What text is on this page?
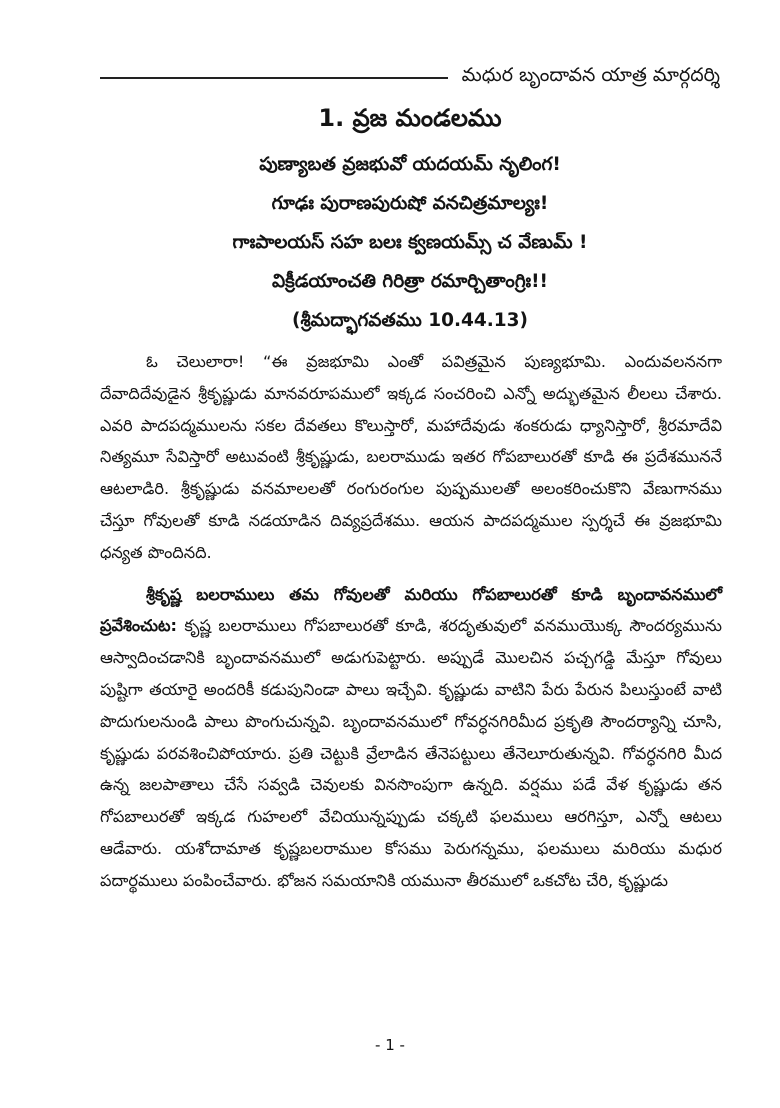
మధుర బృందావన యాత్ర మార్గదర్శి
1. వ్రజ మండలము
పుణ్యాబత వ్రజభువో యదయమ్ నృలింగ!
గూఢః పురాణపురుషో వనచిత్రమాల్యః!
గాఃపాలయస్ సహ బలః క్వణయమ్స్ చ వేణుమ్ !
విక్రీడయాంచతి గిరిత్రా రమార్చితాంగ్రిః!!
(శ్రీమద్భాగవతము 10.44.13)

ఓ చెలులారా! “ఈ వ్రజభూమి ఎంతో పవిత్రమైన పుణ్యభూమి. ఎందువలననగా దేవాదిదేవుడైన శ్రీకృష్ణుడు మానవరూపములో ఇక్కడ సంచరించి ఎన్నో అద్భుతమైన లీలలు చేశారు. ఎవరి పాదపద్మములను సకల దేవతలు కొలుస్తారో, మహాదేవుడు శంకరుడు ధ్యానిస్తారో, శ్రీరమాదేవి నిత్యమూ సేవిస్తారో అటువంటి శ్రీకృష్ణుడు, బలరాముడు ఇతర గోపబాలురతో కూడి ఈ ప్రదేశముననే ఆటలాడిరి. శ్రీకృష్ణుడు వనమాలలతో రంగురంగుల పుష్పములతో అలంకరించుకొని వేణుగానము చేస్తూ గోవులతో కూడి నడయాడిన దివ్యప్రదేశము. ఆయన పాదపద్మముల స్పర్శచే ఈ వ్రజభూమి ధన్యత పొందినది.

శ్రీకృష్ణ బలరాములు తమ గోవులతో మరియు గోపబాలురతో కూడి బృందావనములో ప్రవేశించుట: కృష్ణ బలరాములు గోపబాలురతో కూడి, శరదృతువులో వనముయొక్క సౌందర్యమును ఆస్వాదించడానికి బృందావనములో అడుగుపెట్టారు. అప్పుడే మొలచిన పచ్చగడ్డి మేస్తూ గోవులు పుష్టిగా తయారై అందరికీ కడుపునిండా పాలు ఇచ్చేవి. కృష్ణుడు వాటిని పేరు పేరున పిలుస్తుంటే వాటి పొదుగులనుండి పాలు పొంగుచున్నవి. బృందావనములో గోవర్ధనగిరిమీద ప్రకృతి సౌందర్యాన్ని చూసి, కృష్ణుడు పరవశించిపోయారు. ప్రతి చెట్టుకి వ్రేలాడిన తేనెపట్టులు తేనెలూరుతున్నవి. గోవర్ధనగిరి మీద ఉన్న జలపాతాలు చేసే సవ్వడి చెవులకు వినసొంపుగా ఉన్నది. వర్షము పడే వేళ కృష్ణుడు తన గోపబాలురతో ఇక్కడ గుహలలో వేచియున్నప్పుడు చక్కటి ఫలములు ఆరగిస్తూ, ఎన్నో ఆటలు ఆడేవారు. యశోదామాత కృష్ణబలరాముల కోసము పెరుగన్నము, ఫలములు మరియు మధుర పదార్థములు పంపించేవారు. భోజన సమయానికి యమునా తీరములో ఒకచోట చేరి, కృష్ణుడు

- 1 -
